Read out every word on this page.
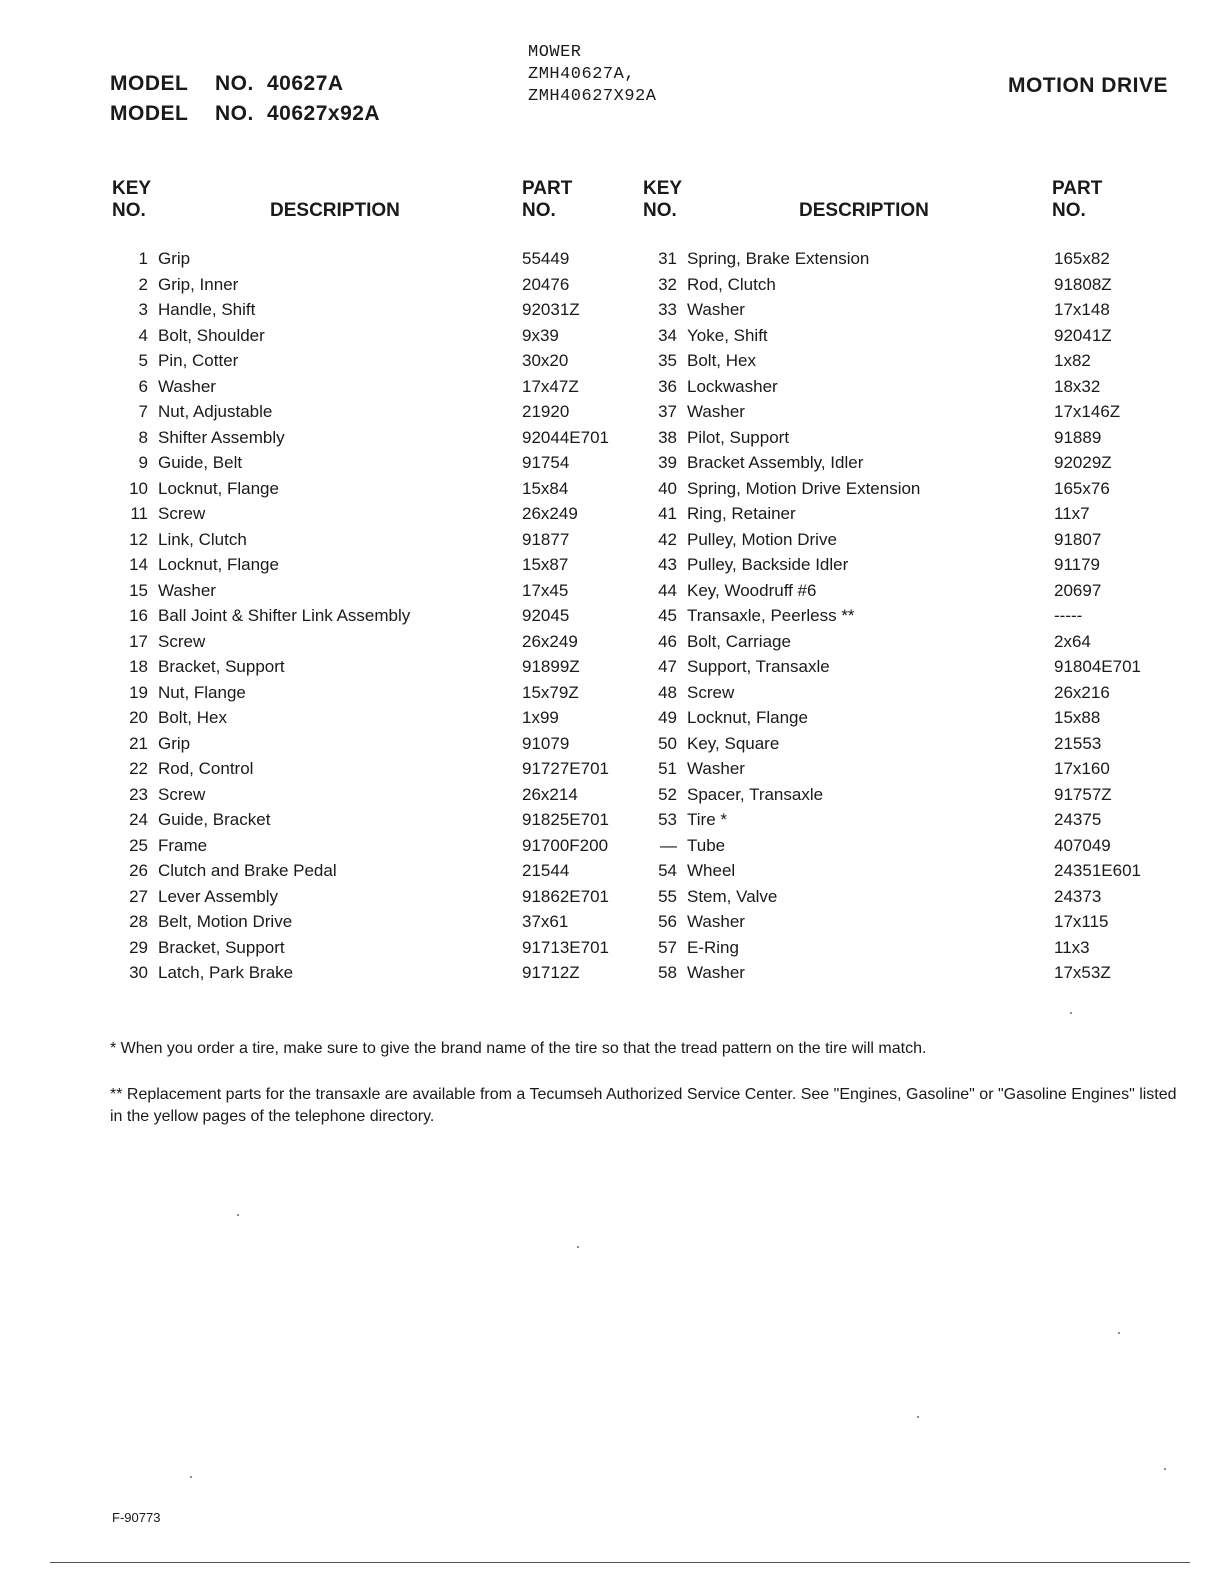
MODEL NO. 40627A
MODEL NO. 40627x92A
MOWER
ZMH40627A,
ZMH40627X92A	MOTION DRIVE
KEY
NO.	DESCRIPTION
PART
NO.
KEY
NO.	DESCRIPTION
PART
NO.
1 Grip	55449
2 Grip, Inner	20476
3 Handle, Shift	92031Z
4 Bolt, Shoulder	9x39
5 Pin, Cotter	30x20
6 Washer	17x47Z
7 Nut, Adjustable	21920
8 Shifter Assembly	92044E701
9 Guide, Belt	91754
10 Locknut, Flange	15x84
11 Screw	26x249
12 Link, Clutch	91877
14 Locknut, Flange	15x87
15 Washer	17x45
16 Ball Joint & Shifter Link Assembly	92045
17 Screw	26x249
18 Bracket, Support	91899Z
19 Nut, Flange	15x79Z
20 Bolt, Hex	1x99
21 Grip	91079
22 Rod, Control	91727E701
23 Screw	26x214
24 Guide, Bracket	91825E701
25 Frame	91700F200
26 Clutch and Brake Pedal	21544
27 Lever Assembly	91862E701
28 Belt, Motion Drive	37x61
29 Bracket, Support	91713E701
30 Latch, Park Brake	91712Z
31 Spring, Brake Extension	165x82
32 Rod, Clutch	91808Z
33 Washer	17x148
34 Yoke, Shift	92041Z
35 Bolt, Hex	1x82
36 Lockwasher	18x32
37 Washer	17x146Z
38 Pilot, Support	91889
39 Bracket Assembly, Idler	92029Z
40 Spring, Motion Drive Extension	165x76
41 Ring, Retainer	11x7
42 Pulley, Motion Drive	91807
43 Pulley, Backside Idler	91179
44 Key, Woodruff #6	20697
45 Transaxle, Peerless **	-----
46 Bolt, Carriage	2x64
47 Support, Transaxle	91804E701
48 Screw	26x216
49 Locknut, Flange	15x88
50 Key, Square	21553
51 Washer	17x160
52 Spacer, Transaxle	91757Z
53 Tire *	24375
— Tube	407049
54 Wheel	24351E601
55 Stem, Valve	24373
56 Washer	17x115
57 E-Ring	11x3
58 Washer	17x53Z
* When you order a tire, make sure to give the brand name of the tire so that the tread pattern on the tire will match.
** Replacement parts for the transaxle are available from a Tecumseh Authorized Service Center. See "Engines, Gasoline" or "Gasoline Engines" listed in the yellow pages of the telephone directory.
F-90773
